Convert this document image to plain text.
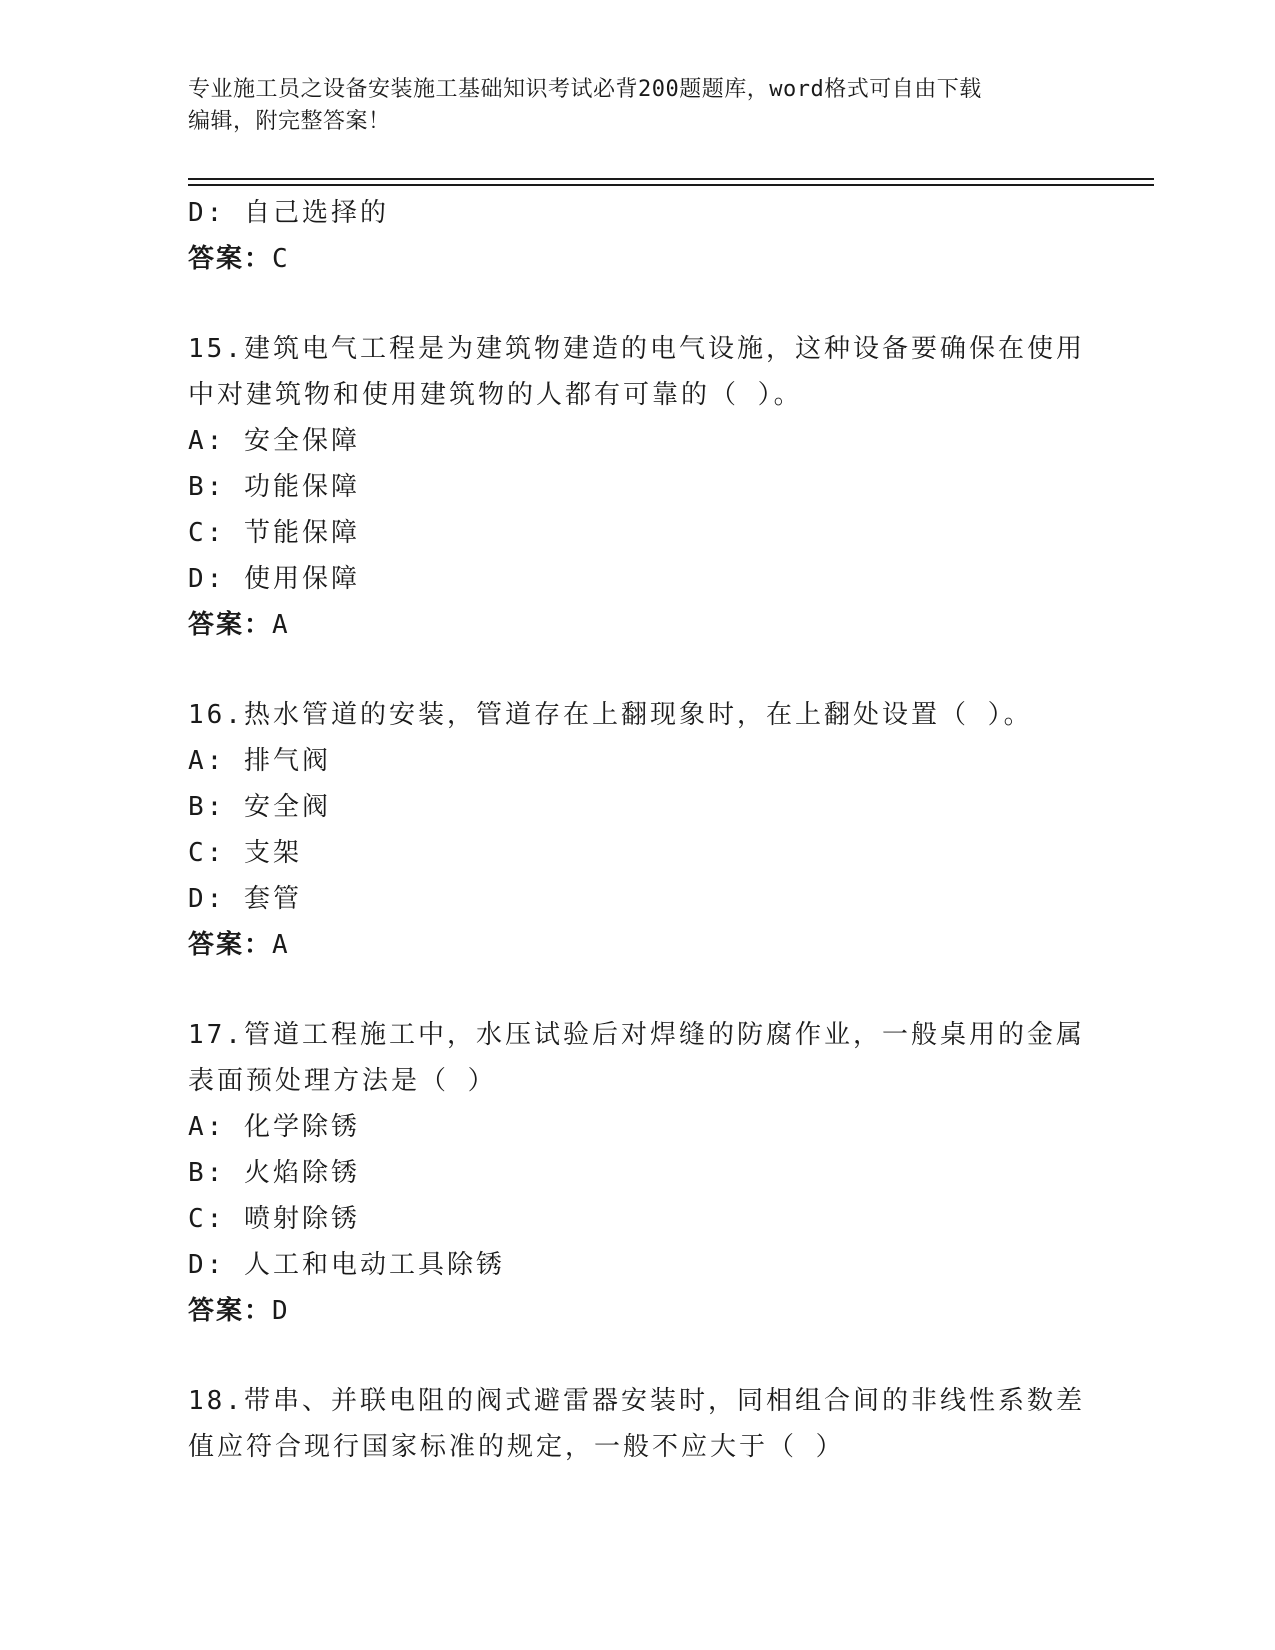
专业施工员之设备安装施工基础知识考试必背200题题库，word格式可自由下载
编辑，附完整答案！
D: 自己选择的
答案：C
15.建筑电气工程是为建筑物建造的电气设施，这种设备要确保在使用
中对建筑物和使用建筑物的人都有可靠的（ ）。
A: 安全保障
B: 功能保障
C: 节能保障
D: 使用保障
答案：A
16.热水管道的安装，管道存在上翻现象时，在上翻处设置（ ）。
A: 排气阀
B: 安全阀
C: 支架
D: 套管
答案：A
17.管道工程施工中，水压试验后对焊缝的防腐作业，一般桌用的金属
表面预处理方法是（ ）
A: 化学除锈
B: 火焰除锈
C: 喷射除锈
D: 人工和电动工具除锈
答案：D
18.带串、并联电阻的阀式避雷器安装时，同相组合间的非线性系数差
值应符合现行国家标准的规定，一般不应大于（ ）
